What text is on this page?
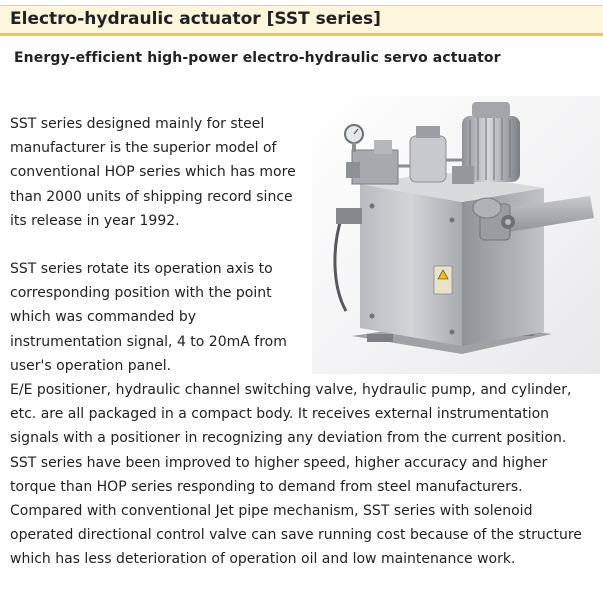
Electro-hydraulic actuator [SST series]
Energy-efficient high-power electro-hydraulic servo actuator

SST series designed mainly for steel manufacturer is the superior model of conventional HOP series which has more than 2000 units of shipping record since its release in year 1992.

SST series rotate its operation axis to corresponding position with the point which was commanded by instrumentation signal, 4 to 20mA from user's operation panel.

E/E positioner, hydraulic channel switching valve, hydraulic pump, and cylinder, etc. are all packaged in a compact body. It receives external instrumentation signals with a positioner in recognizing any deviation from the current position. SST series have been improved to higher speed, higher accuracy and higher torque than HOP series responding to demand from steel manufacturers. Compared with conventional Jet pipe mechanism, SST series with solenoid operated directional control valve can save running cost because of the structure which has less deterioration of operation oil and low maintenance work.
